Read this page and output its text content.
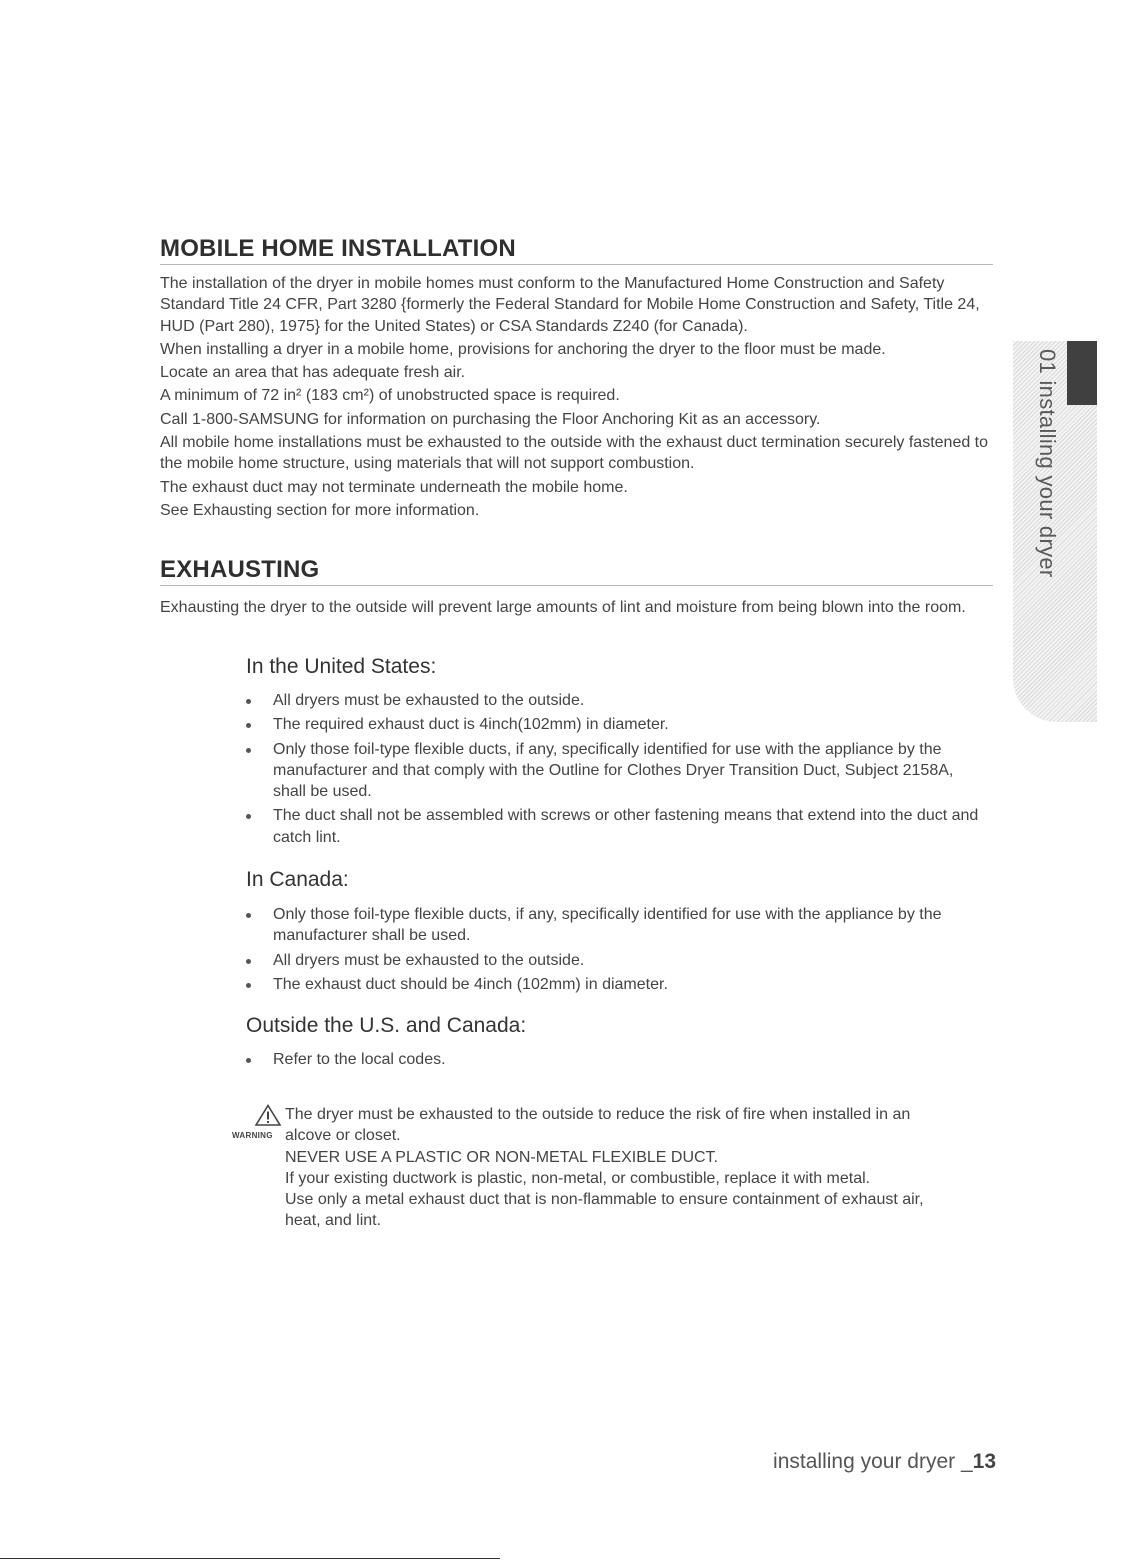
MOBILE HOME INSTALLATION

The installation of the dryer in mobile homes must conform to the Manufactured Home Construction and Safety Standard Title 24 CFR, Part 3280 {formerly the Federal Standard for Mobile Home Construction and Safety, Title 24, HUD (Part 280), 1975} for the United States) or CSA Standards Z240 (for Canada).

When installing a dryer in a mobile home, provisions for anchoring the dryer to the floor must be made.

Locate an area that has adequate fresh air.

A minimum of 72 in² (183 cm²) of unobstructed space is required.

Call 1-800-SAMSUNG for information on purchasing the Floor Anchoring Kit as an accessory.

All mobile home installations must be exhausted to the outside with the exhaust duct termination securely fastened to the mobile home structure, using materials that will not support combustion.

The exhaust duct may not terminate underneath the mobile home.

See Exhausting section for more information.

EXHAUSTING

Exhausting the dryer to the outside will prevent large amounts of lint and moisture from being blown into the room.

In the United States:
All dryers must be exhausted to the outside.
The required exhaust duct is 4inch(102mm) in diameter.
Only those foil-type flexible ducts, if any, specifically identified for use with the appliance by the manufacturer and that comply with the Outline for Clothes Dryer Transition Duct, Subject 2158A, shall be used.
The duct shall not be assembled with screws or other fastening means that extend into the duct and catch lint.
In Canada:
Only those foil-type flexible ducts, if any, specifically identified for use with the appliance by the manufacturer shall be used.
All dryers must be exhausted to the outside.
The exhaust duct should be 4inch (102mm) in diameter.
Outside the U.S. and Canada:
Refer to the local codes.
WARNING

The dryer must be exhausted to the outside to reduce the risk of fire when installed in an

alcove or closet.

NEVER USE A PLASTIC OR NON-METAL FLEXIBLE DUCT.

If your existing ductwork is plastic, non-metal, or combustible, replace it with metal.

Use only a metal exhaust duct that is non-flammable to ensure containment of exhaust air,

heat, and lint.

01 installing your dryer
installing your dryer _13
